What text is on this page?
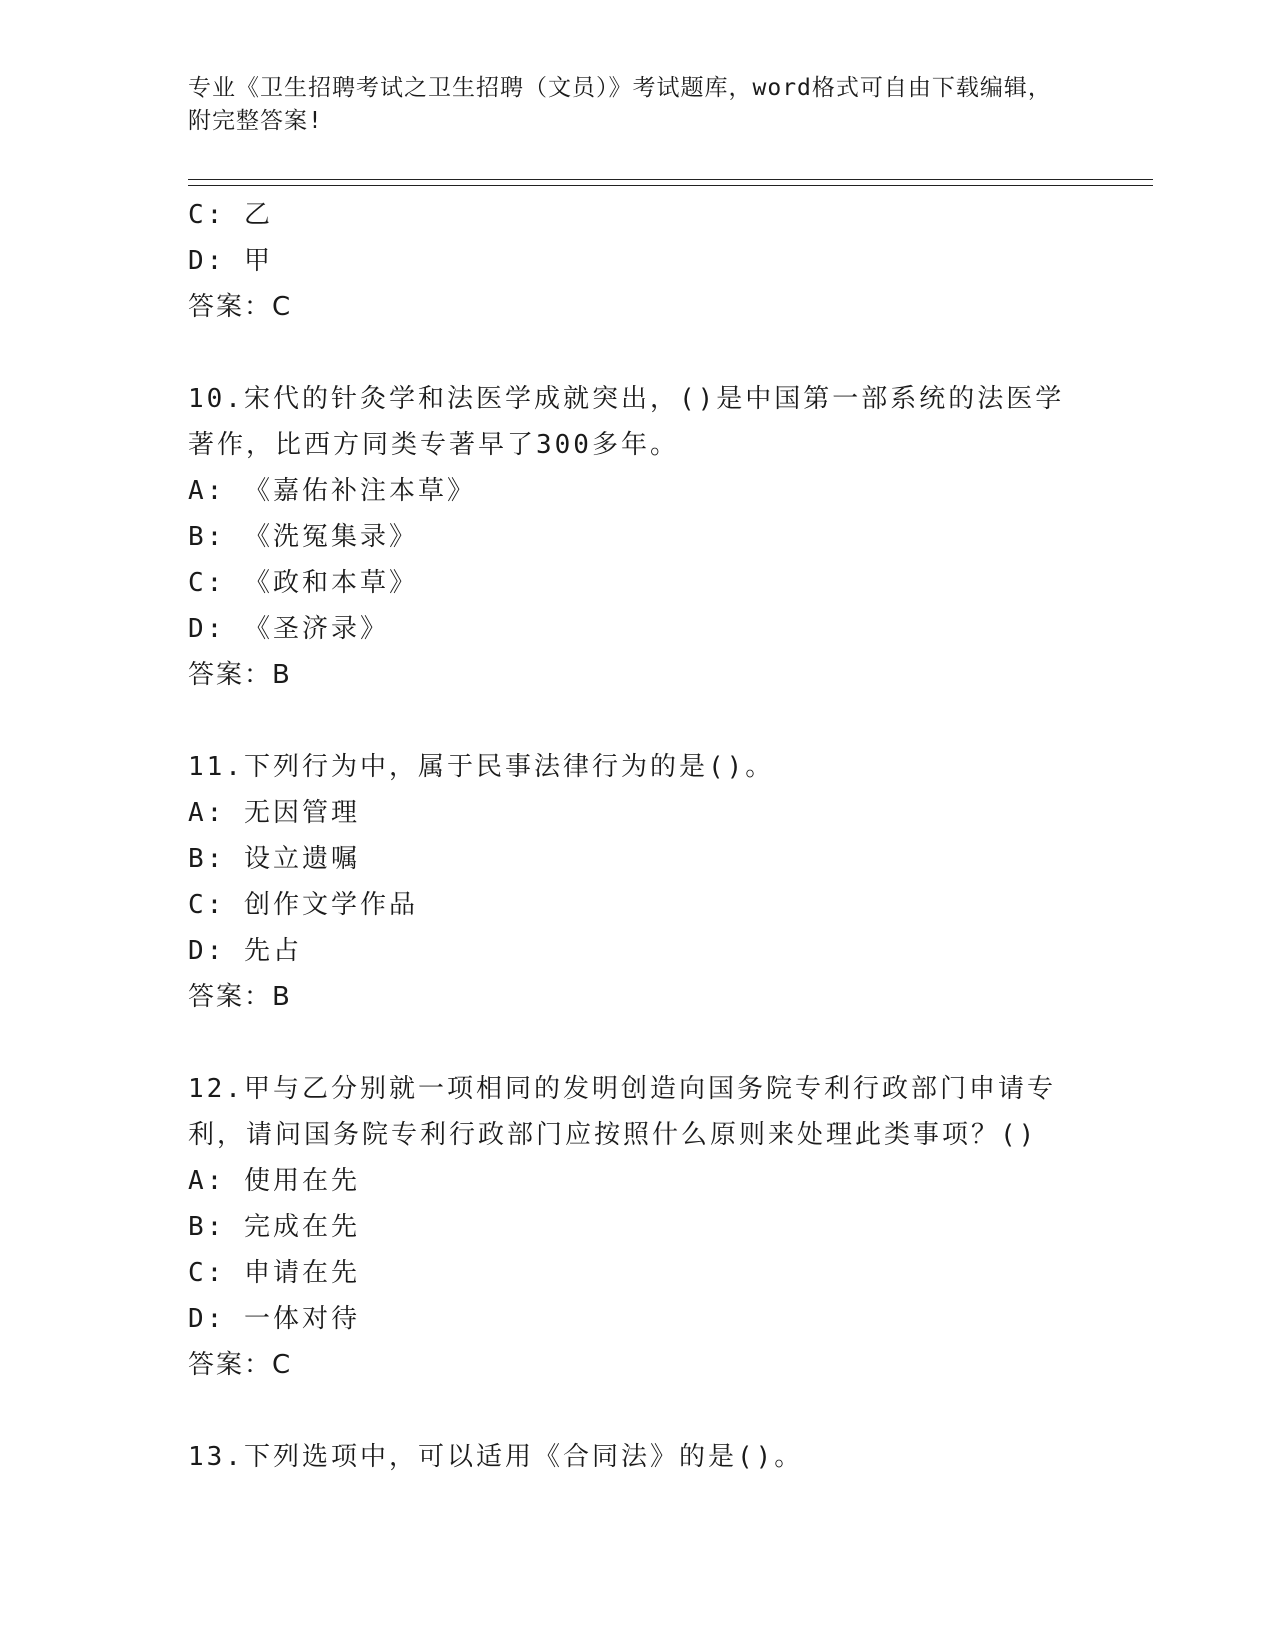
专业《卫生招聘考试之卫生招聘（文员）》考试题库，word格式可自由下载编辑，附完整答案!
C: 乙
D: 甲
答案：C
10.宋代的针灸学和法医学成就突出，()是中国第一部系统的法医学著作，比西方同类专著早了300多年。
A: 《嘉佑补注本草》
B: 《洗冤集录》
C: 《政和本草》
D: 《圣济录》
答案：B
11.下列行为中，属于民事法律行为的是()。
A: 无因管理
B: 设立遗嘱
C: 创作文学作品
D: 先占
答案：B
12.甲与乙分别就一项相同的发明创造向国务院专利行政部门申请专利，请问国务院专利行政部门应按照什么原则来处理此类事项？()
A: 使用在先
B: 完成在先
C: 申请在先
D: 一体对待
答案：C
13.下列选项中，可以适用《合同法》的是()。
